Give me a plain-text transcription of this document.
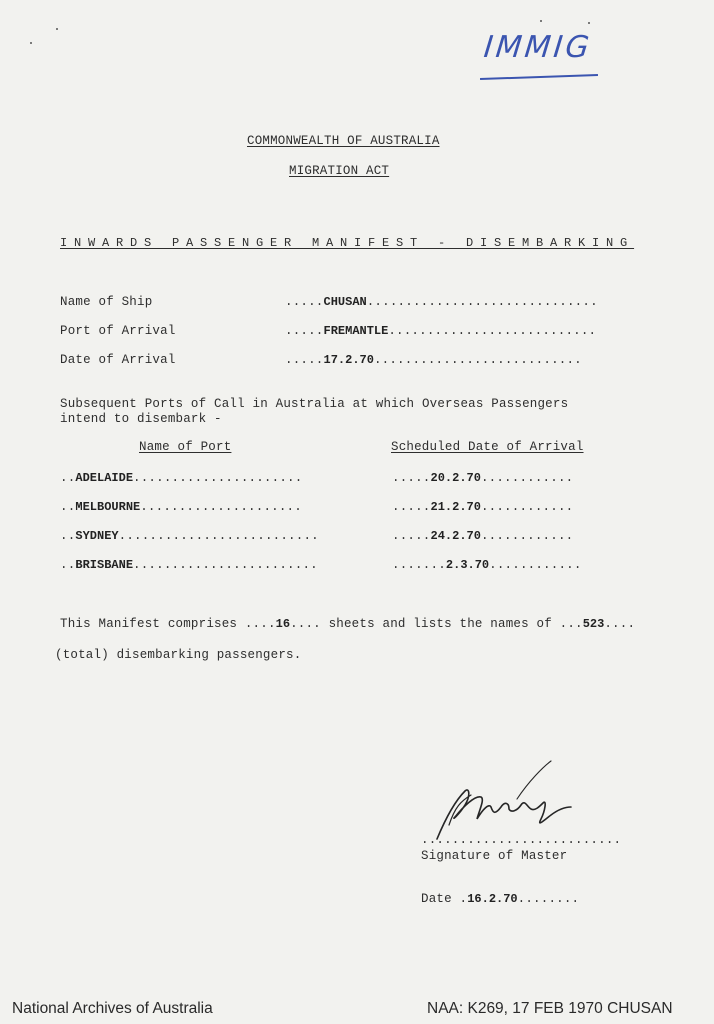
IMMIG
COMMONWEALTH OF AUSTRALIA
MIGRATION ACT
INWARDS PASSENGER MANIFEST - DISEMBARKING
Name of Ship	.....CHUSAN..............................
Port of Arrival	.....FREMANTLE...........................
Date of Arrival	.....17.2.70...........................
Subsequent Ports of Call in Australia at which Overseas Passengers intend to disembark -
Name of Port	Scheduled Date of Arrival
..ADELAIDE......................	.....20.2.70............
..MELBOURNE.....................	.....21.2.70............
..SYDNEY..........................	.....24.2.70............
..BRISBANE........................	.......2.3.70............
This Manifest comprises ....16.... sheets and lists the names of ...523....
(total) disembarking passengers.
..........................
Signature of Master
Date .16.2.70........
National Archives of Australia	NAA: K269, 17 FEB 1970 CHUSAN
